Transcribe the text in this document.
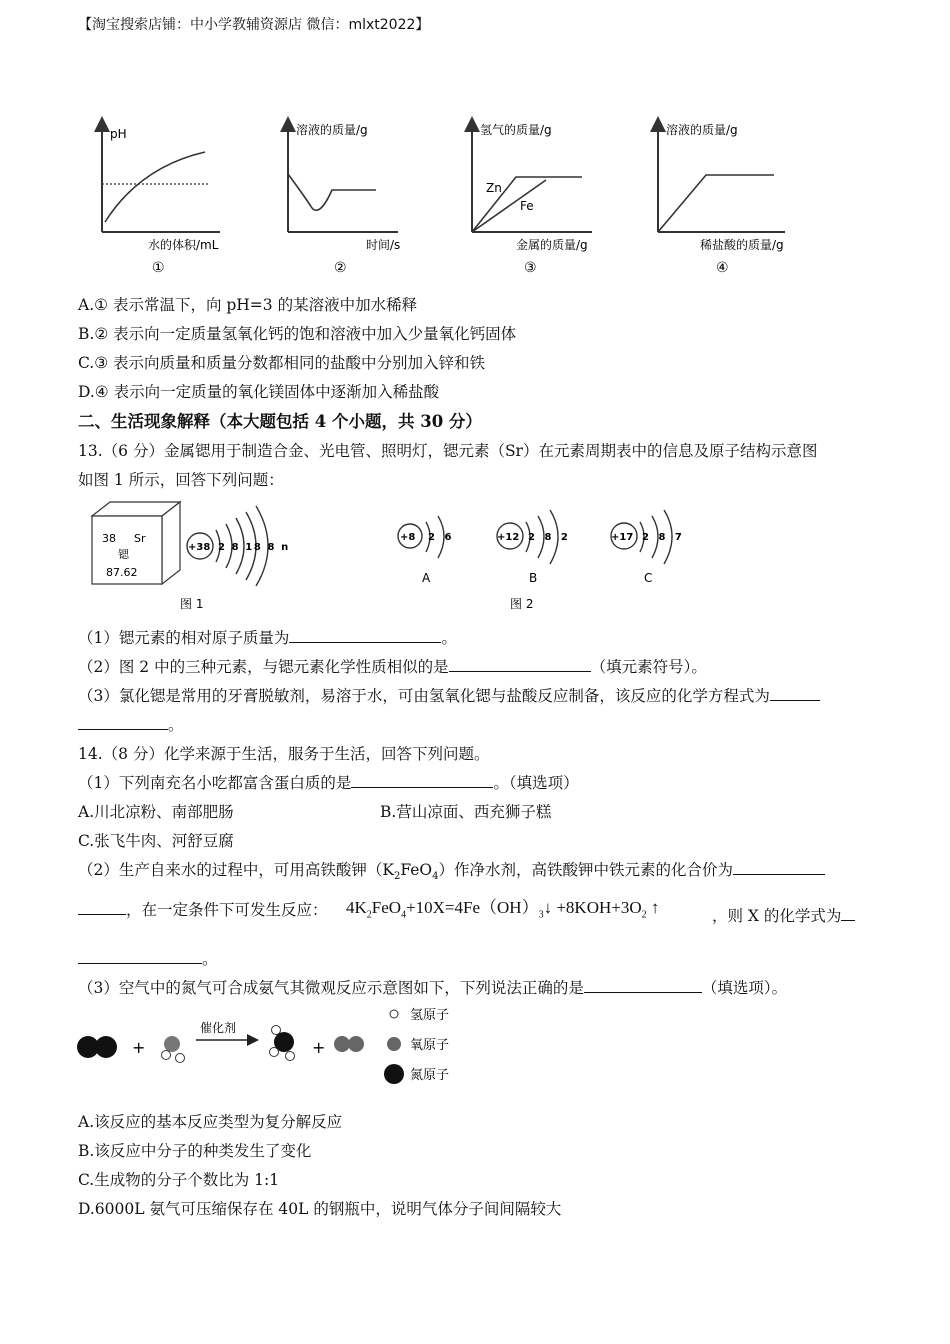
【淘宝搜索店铺：中小学教辅资源店 微信：mlxt2022】
pH
水的体积/mL
①
溶液的质量/g
时间/s
②
氢气的质量/g
Zn
Fe
金属的质量/g
③
溶液的质量/g
稀盐酸的质量/g
④
A.① 表示常温下，向 pH=3 的某溶液中加水稀释
B.② 表示向一定质量氢氧化钙的饱和溶液中加入少量氧化钙固体
C.③ 表示向质量和质量分数都相同的盐酸中分别加入锌和铁
D.④ 表示向一定质量的氧化镁固体中逐渐加入稀盐酸
二、生活现象解释（本大题包括 4 个小题，共 30 分）
13.（6 分）金属锶用于制造合金、光电管、照明灯，锶元素（Sr）在元素周期表中的信息及原子结构示意图
如图 1 所示，回答下列问题：
38 Sr
锶
87.62
+38 2 8 18 8 n
图 1
+8 2 6
A
+12 2 8 2
B
+17 2 8 7
C
图 2
（1）锶元素的相对原子质量为	。
（2）图 2 中的三种元素，与锶元素化学性质相似的是	（填元素符号）。
（3）氯化锶是常用的牙膏脱敏剂，易溶于水，可由氢氧化锶与盐酸反应制备，该反应的化学方程式为
。
14.（8 分）化学来源于生活，服务于生活，回答下列问题。
（1）下列南充名小吃都富含蛋白质的是	。（填选项）
A.川北凉粉、南部肥肠	B.营山凉面、西充狮子糕
C.张飞牛肉、河舒豆腐
（2）生产自来水的过程中，可用高铁酸钾$(K_2FeO_4)$作净水剂，高铁酸钾中铁元素的化合价为
，在一定条件下可发生反应： $4K_2FeO_4+10X=4Fe(OH)_3↓ +8KOH+3O_2$ ↑	，则 X 的化学式为
。
（3）空气中的氮气可合成氨气其微观反应示意图如下，下列说法正确的是	（填选项）。
+
催化剂
+
氢原子
氧原子
氮原子
A.该反应的基本反应类型为复分解反应
B.该反应中分子的种类发生了变化
C.生成物的分子个数比为 1:1
D.6000L 氨气可压缩保存在 40L 的钢瓶中，说明气体分子间间隔较大
